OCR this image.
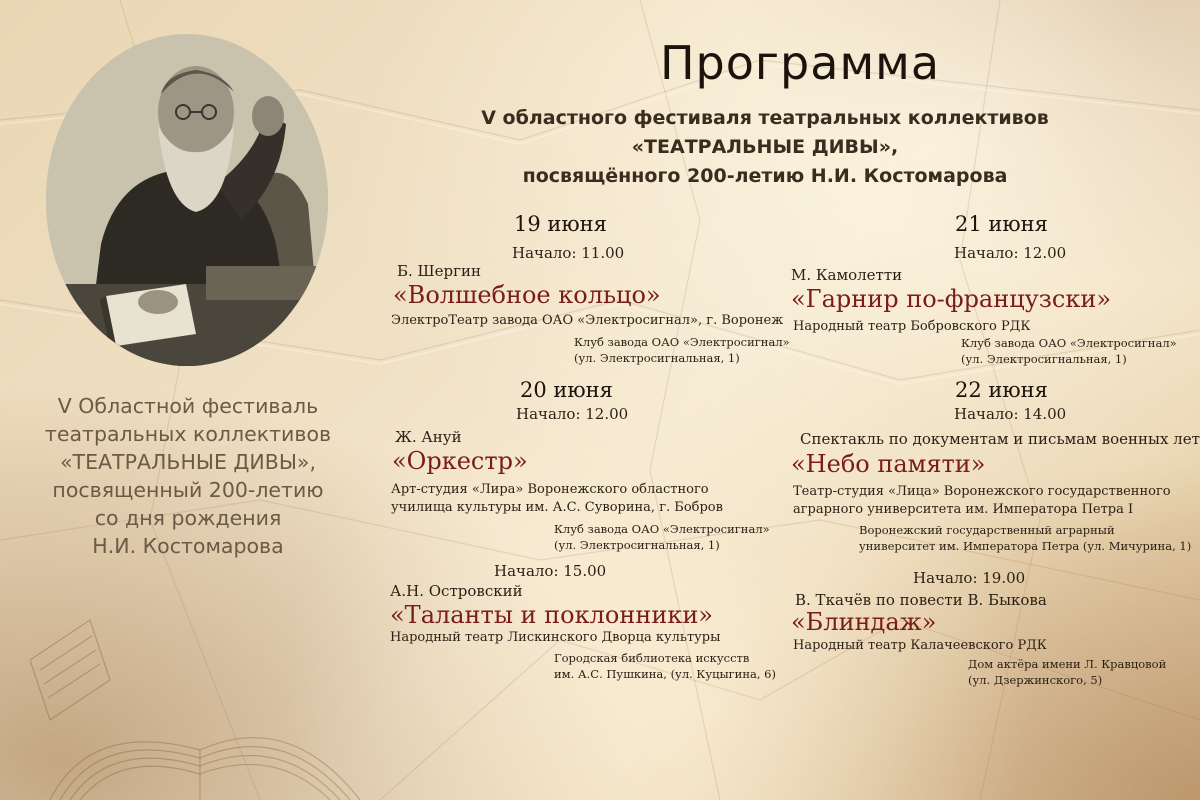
V Областной фестиваль
театральных коллективов
«ТЕАТРАЛЬНЫЕ ДИВЫ»,
посвященный 200-летию
со дня рождения
Н.И. Костомарова
Программа
V областного фестиваля театральных коллективов
«ТЕАТРАЛЬНЫЕ ДИВЫ»,
посвящённого 200-летию Н.И. Костомарова
19 июня
Начало: 11.00
Б. Шергин
«Волшебное кольцо»
ЭлектроТеатр завода ОАО «Электросигнал», г. Воронеж
Клуб завода ОАО «Электросигнал»
(ул. Электросигнальная, 1)
20 июня
Начало: 12.00
Ж. Ануй
«Оркестр»
Арт-студия «Лира» Воронежского областного
училища культуры им. А.С. Суворина, г. Бобров
Клуб завода ОАО «Электросигнал»
(ул. Электросигнальная, 1)
Начало: 15.00
А.Н. Островский
«Таланты и поклонники»
Народный театр Лискинского Дворца культуры
Городская библиотека искусств
им. А.С. Пушкина, (ул. Куцыгина, 6)
21 июня
Начало: 12.00
М. Камолетти
«Гарнир по-французски»
Народный театр Бобровского РДК
Клуб завода ОАО «Электросигнал»
(ул. Электросигнальная, 1)
22 июня
Начало: 14.00
Спектакль по документам и письмам военных лет
«Небо памяти»
Театр-студия «Лица» Воронежского государственного
аграрного университета им. Императора Петра I
Воронежский государственный аграрный
университет им. Императора Петра (ул. Мичурина, 1)
Начало: 19.00
В. Ткачёв по повести В. Быкова
«Блиндаж»
Народный театр Калачеевского РДК
Дом актёра имени Л. Кравцовой
(ул. Дзержинского, 5)
